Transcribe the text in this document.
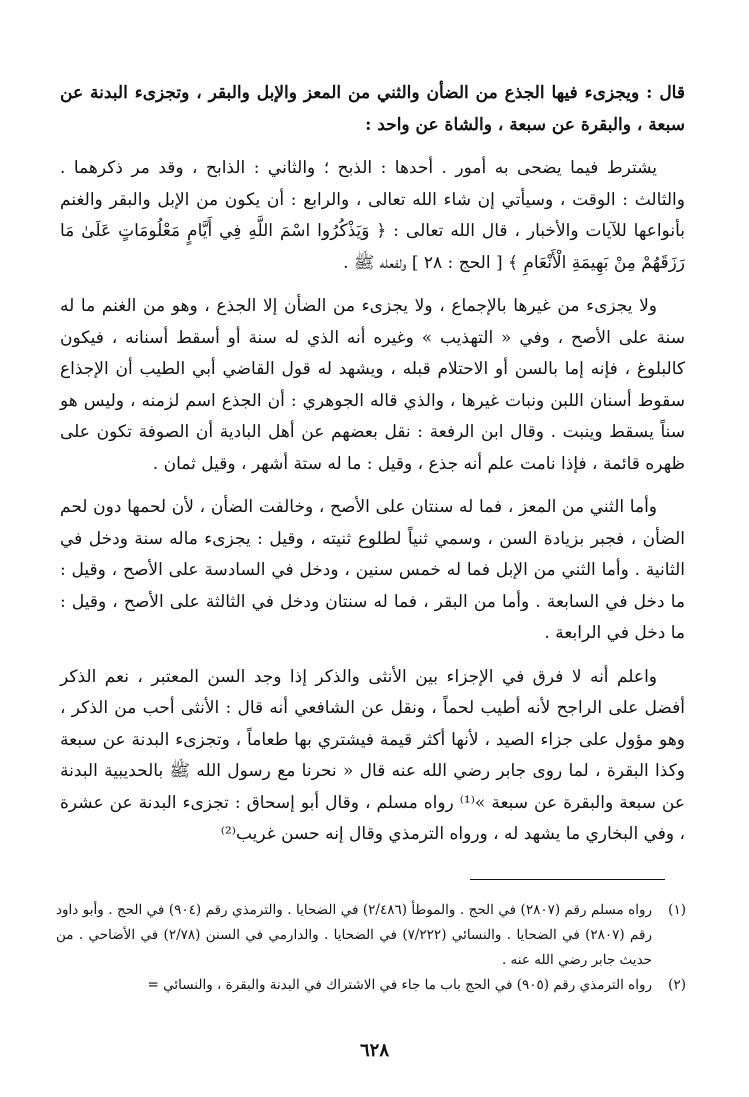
قال : ويجزىء فيها الجذع من الضأن والثني من المعز والإبل والبقر ، وتجزىء البدنة عن سبعة ، والبقرة عن سبعة ، والشاة عن واحد :

يشترط فيما يضحى به أمور . أحدها : الذبح ؛ والثاني : الذابح ، وقد مر ذكرهما . والثالث : الوقت ، وسيأتي إن شاء الله تعالى ، والرابع : أن يكون من الإبل والبقر والغنم بأنواعها للآيات والأخبار ، قال الله تعالى : ﴿ وَيَذْكُرُوا اسْمَ اللَّهِ فِي أَيَّامٍ مَعْلُومَاتٍ عَلَىٰ مَا رَزَقَهُمْ مِنْ بَهِيمَةِ الْأَنْعَامِ ﴾ [ الحج : ٢٨ ] ولفعله ﷺ .

ولا يجزىء من غيرها بالإجماع ، ولا يجزىء من الضأن إلا الجذع ، وهو من الغنم ما له سنة على الأصح ، وفي « التهذيب » وغيره أنه الذي له سنة أو أسقط أسنانه ، فيكون كالبلوغ ، فإنه إما بالسن أو الاحتلام قبله ، ويشهد له قول القاضي أبي الطيب أن الإجذاع سقوط أسنان اللبن ونبات غيرها ، والذي قاله الجوهري : أن الجذع اسم لزمنه ، وليس هو سناً يسقط وينبت . وقال ابن الرفعة : نقل بعضهم عن أهل البادية أن الصوفة تكون على ظهره قائمة ، فإذا نامت علم أنه جذع ، وقيل : ما له ستة أشهر ، وقيل ثمان .

وأما الثني من المعز ، فما له سنتان على الأصح ، وخالفت الضأن ، لأن لحمها دون لحم الضأن ، فجبر بزيادة السن ، وسمي ثنياً لطلوع ثنيته ، وقيل : يجزىء ماله سنة ودخل في الثانية . وأما الثني من الإبل فما له خمس سنين ، ودخل في السادسة على الأصح ، وقيل : ما دخل في السابعة . وأما من البقر ، فما له سنتان ودخل في الثالثة على الأصح ، وقيل : ما دخل في الرابعة .

واعلم أنه لا فرق في الإجزاء بين الأنثى والذكر إذا وجد السن المعتبر ، نعم الذكر أفضل على الراجح لأنه أطيب لحماً ، ونقل عن الشافعي أنه قال : الأنثى أحب من الذكر ، وهو مؤول على جزاء الصيد ، لأنها أكثر قيمة فيشتري بها طعاماً ، وتجزىء البدنة عن سبعة وكذا البقرة ، لما روى جابر رضي الله عنه قال « نحرنا مع رسول الله ﷺ بالحديبية البدنة عن سبعة والبقرة عن سبعة »⁽¹⁾ رواه مسلم ، وقال أبو إسحاق : تجزىء البدنة عن عشرة ، وفي البخاري ما يشهد له ، ورواه الترمذي وقال إنه حسن غريب⁽²⁾

(١)
رواه مسلم رقم (٢٨٠٧) في الحج . والموطأ (٢/٤٨٦) في الضحايا . والترمذي رقم (٩٠٤) في الحج . وأبو داود رقم (٢٨٠٧) في الضحايا . والنسائي (٧/٢٢٢) في الضحايا . والدارمي في السنن (٢/٧٨) في الأضاحي . من حديث جابر رضي الله عنه .
(٢)
رواه الترمذي رقم (٩٠٥) في الحج باب ما جاء في الاشتراك في البدنة والبقرة ، والنسائي =
٦٢٨
